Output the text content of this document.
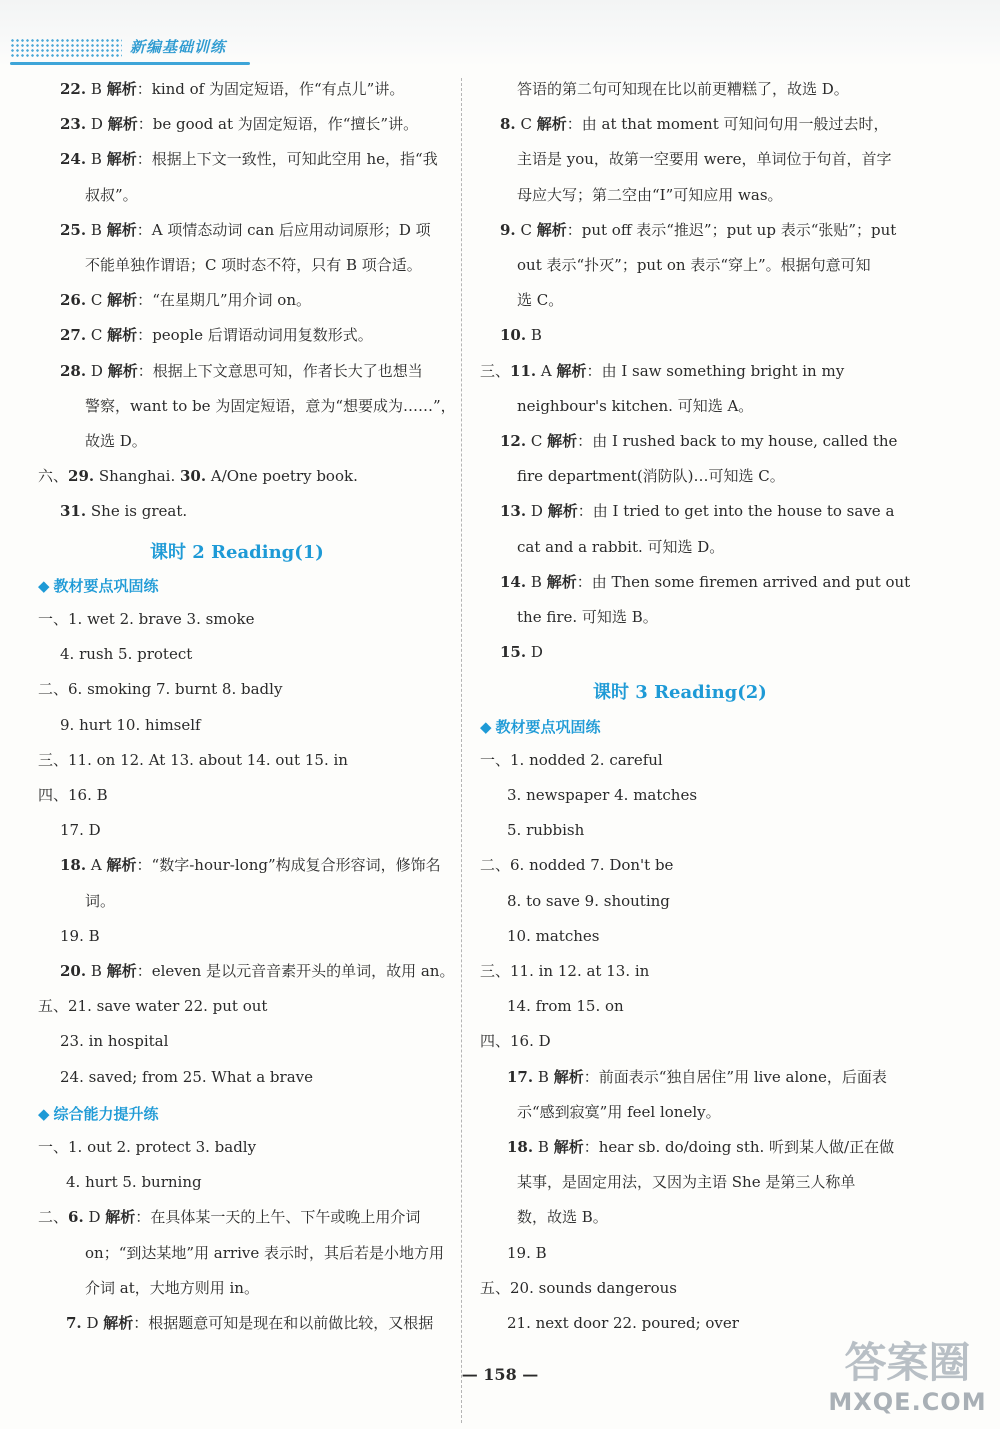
新编基础训练
22. B 解析：kind of 为固定短语，作“有点儿”讲。
23. D 解析：be good at 为固定短语，作“擅长”讲。
24. B 解析：根据上下文一致性，可知此空用 he，指“我
叔叔”。
25. B 解析：A 项情态动词 can 后应用动词原形；D 项
不能单独作谓语；C 项时态不符，只有 B 项合适。
26. C 解析：“在星期几”用介词 on。
27. C 解析：people 后谓语动词用复数形式。
28. D 解析：根据上下文意思可知，作者长大了也想当
警察，want to be 为固定短语，意为“想要成为……”，
故选 D。
六、29. Shanghai. 30. A/One poetry book.
31. She is great.
课时 2 Reading(1)
◆ 教材要点巩固练
一、1. wet 2. brave 3. smoke
4. rush 5. protect
二、6. smoking 7. burnt 8. badly
9. hurt 10. himself
三、11. on 12. At 13. about 14. out 15. in
四、16. B
17. D
18. A 解析：“数字-hour-long”构成复合形容词，修饰名
词。
19. B
20. B 解析：eleven 是以元音音素开头的单词，故用 an。
五、21. save water 22. put out
23. in hospital
24. saved; from 25. What a brave
◆ 综合能力提升练
一、1. out 2. protect 3. badly
4. hurt 5. burning
二、6. D 解析：在具体某一天的上午、下午或晚上用介词
on；“到达某地”用 arrive 表示时，其后若是小地方用
介词 at，大地方则用 in。
7. D 解析：根据题意可知是现在和以前做比较，又根据
答语的第二句可知现在比以前更糟糕了，故选 D。
8. C 解析：由 at that moment 可知问句用一般过去时，
主语是 you，故第一空要用 were，单词位于句首，首字
母应大写；第二空由“I”可知应用 was。
9. C 解析：put off 表示“推迟”；put up 表示“张贴”；put
out 表示“扑灭”；put on 表示“穿上”。根据句意可知
选 C。
10. B
三、11. A 解析：由 I saw something bright in my
neighbour's kitchen. 可知选 A。
12. C 解析：由 I rushed back to my house, called the
fire department(消防队)…可知选 C。
13. D 解析：由 I tried to get into the house to save a
cat and a rabbit. 可知选 D。
14. B 解析：由 Then some firemen arrived and put out
the fire. 可知选 B。
15. D
课时 3 Reading(2)
◆ 教材要点巩固练
一、1. nodded 2. careful
3. newspaper 4. matches
5. rubbish
二、6. nodded 7. Don't be
8. to save 9. shouting
10. matches
三、11. in 12. at 13. in
14. from 15. on
四、16. D
17. B 解析：前面表示“独自居住”用 live alone，后面表
示“感到寂寞”用 feel lonely。
18. B 解析：hear sb. do/doing sth. 听到某人做/正在做
某事，是固定用法，又因为主语 She 是第三人称单
数，故选 B。
19. B
五、20. sounds dangerous
21. next door 22. poured; over
— 158 —	答案圈
MXQE.COM
